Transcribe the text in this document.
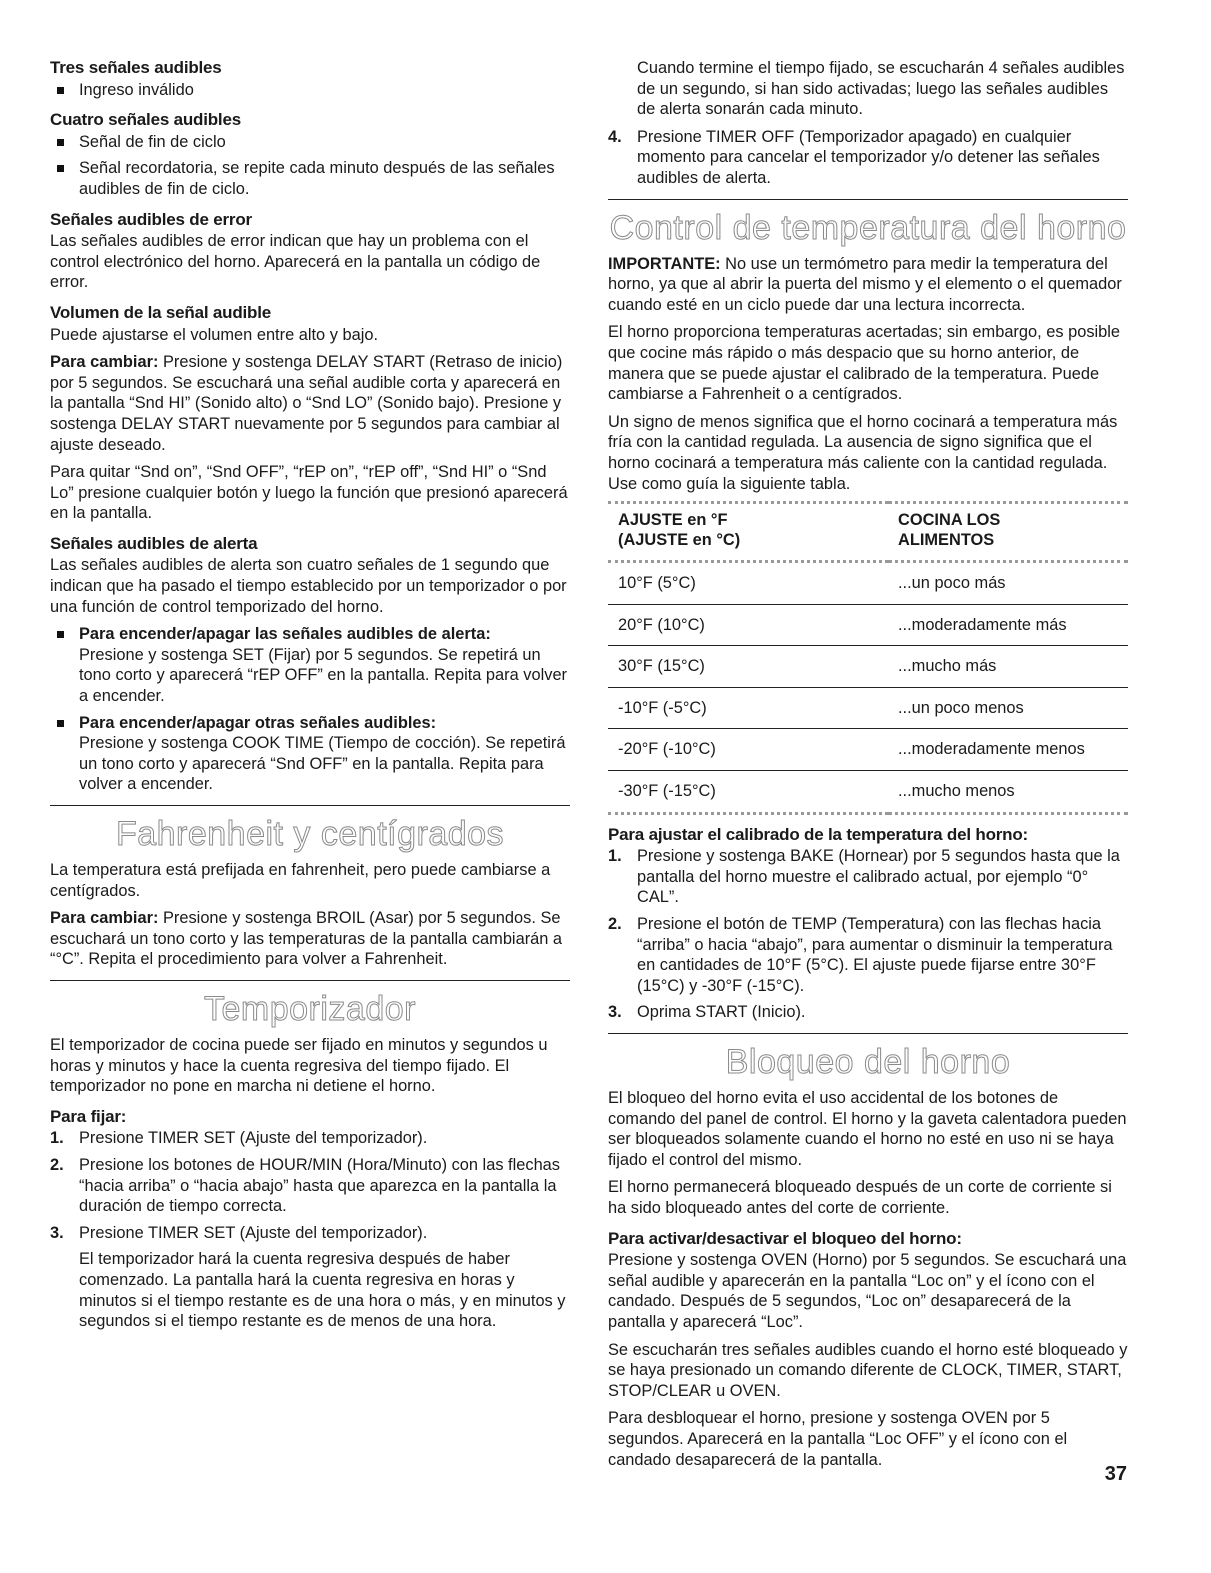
Tres señales audibles
Ingreso inválido
Cuatro señales audibles
Señal de fin de ciclo
Señal recordatoria, se repite cada minuto después de las señales audibles de fin de ciclo.
Señales audibles de error

Las señales audibles de error indican que hay un problema con el control electrónico del horno. Aparecerá en la pantalla un código de error.

Volumen de la señal audible

Puede ajustarse el volumen entre alto y bajo.

Para cambiar: Presione y sostenga DELAY START (Retraso de inicio) por 5 segundos. Se escuchará una señal audible corta y aparecerá en la pantalla “Snd HI” (Sonido alto) o “Snd LO” (Sonido bajo). Presione y sostenga DELAY START nuevamente por 5 segundos para cambiar al ajuste deseado.

Para quitar “Snd on”, “Snd OFF”, “rEP on”, “rEP off”, “Snd HI” o “Snd Lo” presione cualquier botón y luego la función que presionó aparecerá en la pantalla.

Señales audibles de alerta

Las señales audibles de alerta son cuatro señales de 1 segundo que indican que ha pasado el tiempo establecido por un temporizador o por una función de control temporizado del horno.

Para encender/apagar las señales audibles de alerta:
Presione y sostenga SET (Fijar) por 5 segundos. Se repetirá un tono corto y aparecerá “rEP OFF” en la pantalla. Repita para volver a encender.
Para encender/apagar otras señales audibles:
Presione y sostenga COOK TIME (Tiempo de cocción). Se repetirá un tono corto y aparecerá “Snd OFF” en la pantalla. Repita para volver a encender.
Fahrenheit y centígrados

La temperatura está prefijada en fahrenheit, pero puede cambiarse a centígrados.

Para cambiar: Presione y sostenga BROIL (Asar) por 5 segundos. Se escuchará un tono corto y las temperaturas de la pantalla cambiarán a “°C”. Repita el procedimiento para volver a Fahrenheit.

Temporizador

El temporizador de cocina puede ser fijado en minutos y segundos u horas y minutos y hace la cuenta regresiva del tiempo fijado. El temporizador no pone en marcha ni detiene el horno.

Para fijar:
1. Presione TIMER SET (Ajuste del temporizador).
2. Presione los botones de HOUR/MIN (Hora/Minuto) con las flechas “hacia arriba” o “hacia abajo” hasta que aparezca en la pantalla la duración de tiempo correcta.
3. Presione TIMER SET (Ajuste del temporizador).

El temporizador hará la cuenta regresiva después de haber comenzado. La pantalla hará la cuenta regresiva en horas y minutos si el tiempo restante es de una hora o más, y en minutos y segundos si el tiempo restante es de menos de una hora.

Cuando termine el tiempo fijado, se escucharán 4 señales audibles de un segundo, si han sido activadas; luego las señales audibles de alerta sonarán cada minuto.

4. Presione TIMER OFF (Temporizador apagado) en cualquier momento para cancelar el temporizador y/o detener las señales audibles de alerta.
Control de temperatura del horno

IMPORTANTE: No use un termómetro para medir la temperatura del horno, ya que al abrir la puerta del mismo y el elemento o el quemador cuando esté en un ciclo puede dar una lectura incorrecta.

El horno proporciona temperaturas acertadas; sin embargo, es posible que cocine más rápido o más despacio que su horno anterior, de manera que se puede ajustar el calibrado de la temperatura. Puede cambiarse a Fahrenheit o a centígrados.

Un signo de menos significa que el horno cocinará a temperatura más fría con la cantidad regulada. La ausencia de signo significa que el horno cocinará a temperatura más caliente con la cantidad regulada. Use como guía la siguiente tabla.

AJUSTE en °F
(AJUSTE en °C)	COCINA LOS
ALIMENTOS
10°F (5°C)	...un poco más
20°F (10°C)	...moderadamente más
30°F (15°C)	...mucho más
-10°F (-5°C)	...un poco menos
-20°F (-10°C)	...moderadamente menos
-30°F (-15°C)	...mucho menos
Para ajustar el calibrado de la temperatura del horno:
1. Presione y sostenga BAKE (Hornear) por 5 segundos hasta que la pantalla del horno muestre el calibrado actual, por ejemplo “0° CAL”.
2. Presione el botón de TEMP (Temperatura) con las flechas hacia “arriba” o hacia “abajo”, para aumentar o disminuir la temperatura en cantidades de 10°F (5°C). El ajuste puede fijarse entre 30°F (15°C) y -30°F (-15°C).
3. Oprima START (Inicio).
Bloqueo del horno

El bloqueo del horno evita el uso accidental de los botones de comando del panel de control. El horno y la gaveta calentadora pueden ser bloqueados solamente cuando el horno no esté en uso ni se haya fijado el control del mismo.

El horno permanecerá bloqueado después de un corte de corriente si ha sido bloqueado antes del corte de corriente.

Para activar/desactivar el bloqueo del horno:

Presione y sostenga OVEN (Horno) por 5 segundos. Se escuchará una señal audible y aparecerán en la pantalla “Loc on” y el ícono con el candado. Después de 5 segundos, “Loc on” desaparecerá de la pantalla y aparecerá “Loc”.

Se escucharán tres señales audibles cuando el horno esté bloqueado y se haya presionado un comando diferente de CLOCK, TIMER, START, STOP/CLEAR u OVEN.

Para desbloquear el horno, presione y sostenga OVEN por 5 segundos. Aparecerá en la pantalla “Loc OFF” y el ícono con el candado desaparecerá de la pantalla.

37
